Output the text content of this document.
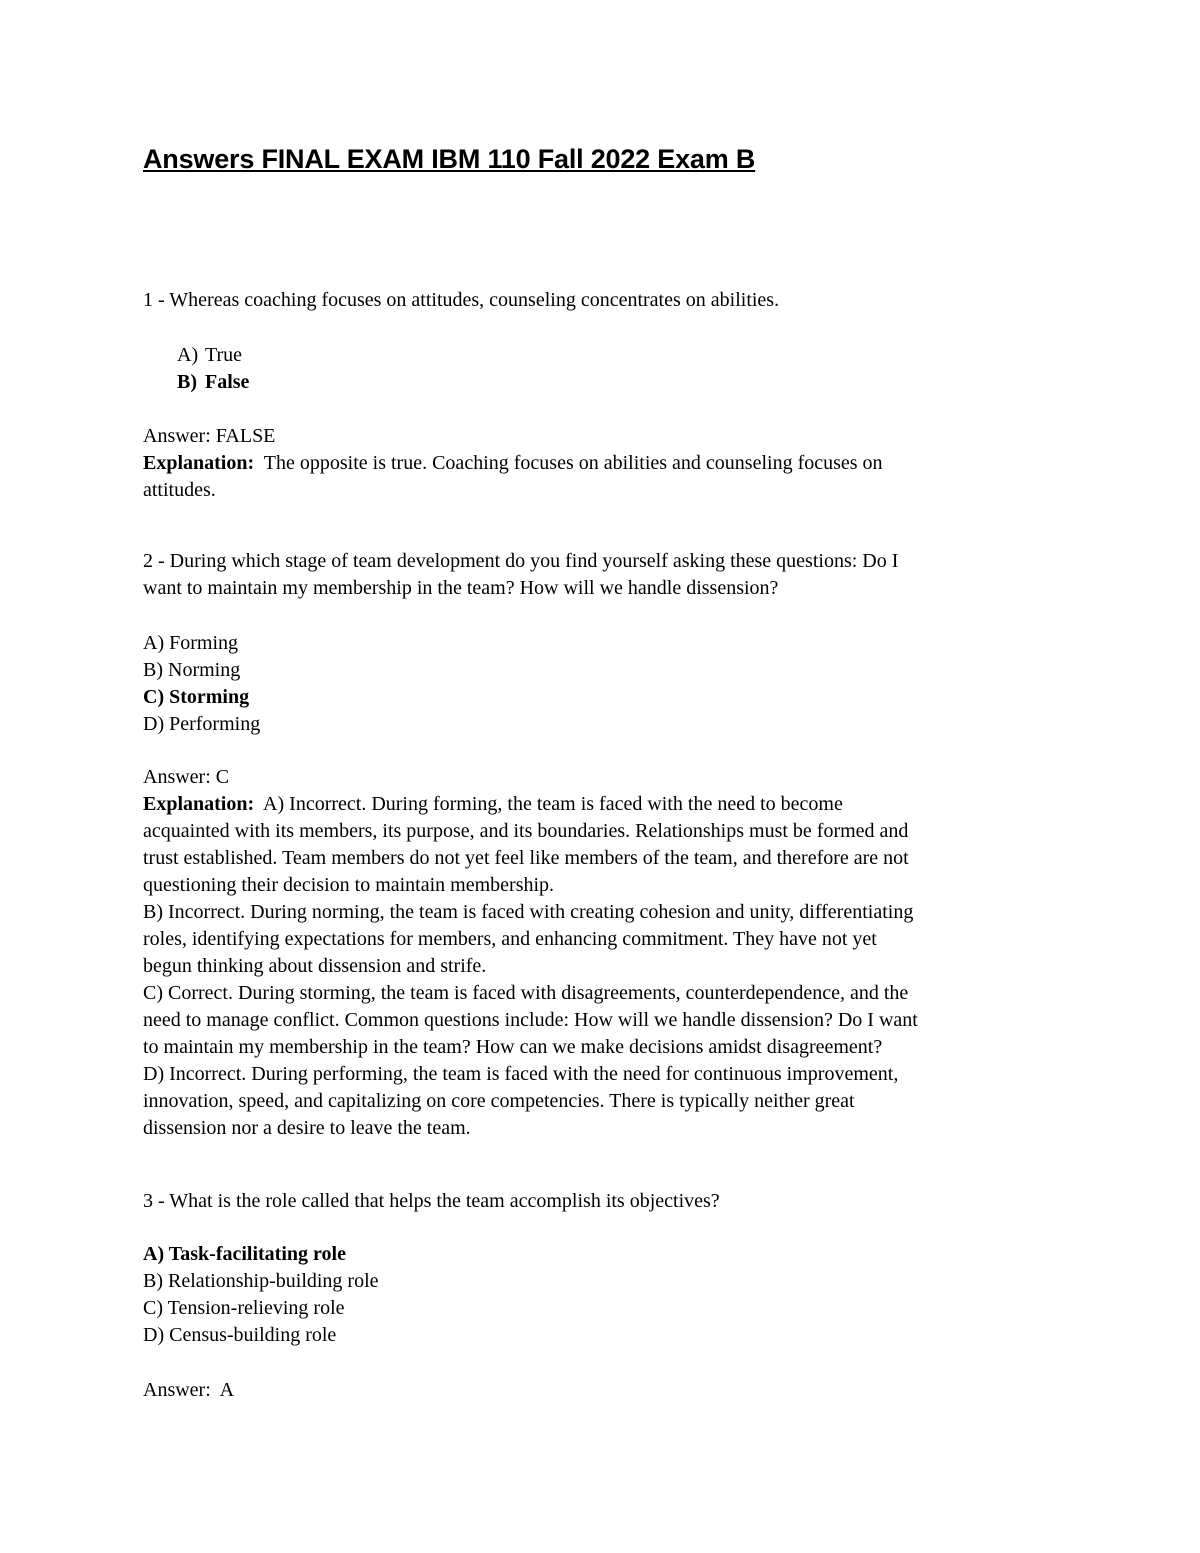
Answers FINAL EXAM IBM 110 Fall 2022 Exam B
1 - Whereas coaching focuses on attitudes, counseling concentrates on abilities.
A) True
B) False
Answer: FALSE
Explanation:  The opposite is true. Coaching focuses on abilities and counseling focuses on
attitudes.
2 - During which stage of team development do you find yourself asking these questions: Do I
want to maintain my membership in the team? How will we handle dissension?
A) Forming
B) Norming
C) Storming
D) Performing
Answer: C
Explanation:  A) Incorrect. During forming, the team is faced with the need to become
acquainted with its members, its purpose, and its boundaries. Relationships must be formed and
trust established. Team members do not yet feel like members of the team, and therefore are not
questioning their decision to maintain membership.
B) Incorrect. During norming, the team is faced with creating cohesion and unity, differentiating
roles, identifying expectations for members, and enhancing commitment. They have not yet
begun thinking about dissension and strife.
C) Correct. During storming, the team is faced with disagreements, counterdependence, and the
need to manage conflict. Common questions include: How will we handle dissension? Do I want
to maintain my membership in the team? How can we make decisions amidst disagreement?
D) Incorrect. During performing, the team is faced with the need for continuous improvement,
innovation, speed, and capitalizing on core competencies. There is typically neither great
dissension nor a desire to leave the team.
3 - What is the role called that helps the team accomplish its objectives?
A) Task-facilitating role
B) Relationship-building role
C) Tension-relieving role
D) Census-building role
Answer:  A
